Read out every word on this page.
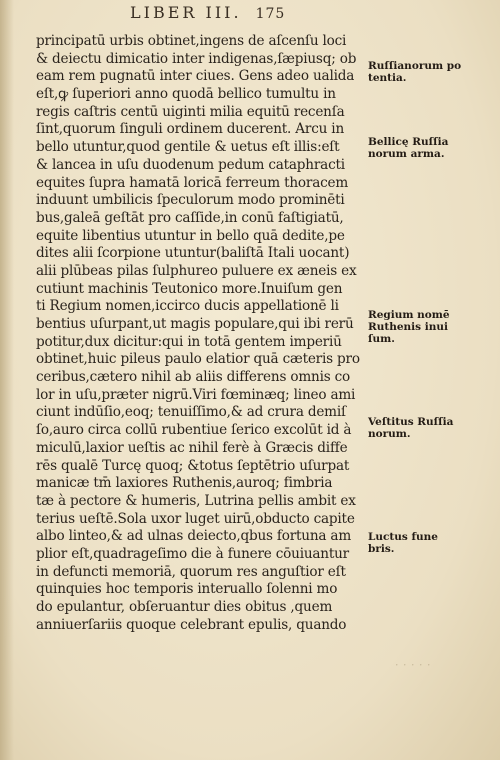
LIBER III. 175
principatū urbis obtinet,ingens de aſcenſu loci
& deiectu dimicatio inter indigenas,ſæpiusq; ob
eam rem pugnatū inter ciues. Gens adeo ualida
eſt,ꝙ ſuperiori anno quodā bellico tumultu in
regis caſtris centū uiginti milia equitū recenſa
ſint,quorum ſinguli ordinem ducerent. Arcu in
bello utuntur,quod gentile & uetus eſt illis:eſt
& lancea in uſu duodenum pedum cataphracti
equites ſupra hamatā loricā ferreum thoracem
induunt umbilicis ſpeculorum modo prominēti
bus,galeā geſtāt pro caſſide,in conū faſtigiatū,
equite libentius utuntur in bello quā dedite,pe
dites alii ſcorpione utuntur(baliſtā Itali uocant)
alii plūbeas pilas ſulphureo puluere ex æneis ex
cutiunt machinis Teutonico more.Inuiſum gen
ti Regium nomen,iccirco ducis appellationē li
bentius uſurpant,ut magis populare,qui ibi rerū
potitur,dux dicitur:qui in totā gentem imperiū
obtinet,huic pileus paulo elatior quā cæteris pro
ceribus,cætero nihil ab aliis differens omnis co
lor in uſu,præter nigrū.Viri fœminæq; lineo ami
ciunt indūſio,eoq; tenuiſſimo,& ad crura demiſ
ſo,auro circa collū rubentiue ſerico excolūt id à
miculū,laxior ueſtis ac nihil ferè à Græcis diffe
rēs qualē Turcę quoq; &totus ſeptētrio uſurpat
manicæ tm̄ laxiores Ruthenis,auroq; fimbria
tæ à pectore & humeris, Lutrina pellis ambit ex
terius ueſtē.Sola uxor luget uirū,obducto capite
albo linteo,& ad ulnas deiecto,qbus fortuna am
plior eſt,quadrageſimo die à funere cōuiuantur
in defuncti memoriā, quorum res anguſtior eſt
quinquies hoc temporis interuallo ſolenni mo
do epulantur, obſeruantur dies obitus ,quem
anniuerſariis quoque celebrant epulis, quando
Ruſſianorum po
tentia.
Bellicę Ruſſia
norum arma.
Regium nomē
Ruthenis inui
ſum.
Veſtitus Ruſſia
norum.
Luctus fune
bris.
· · · · ·
